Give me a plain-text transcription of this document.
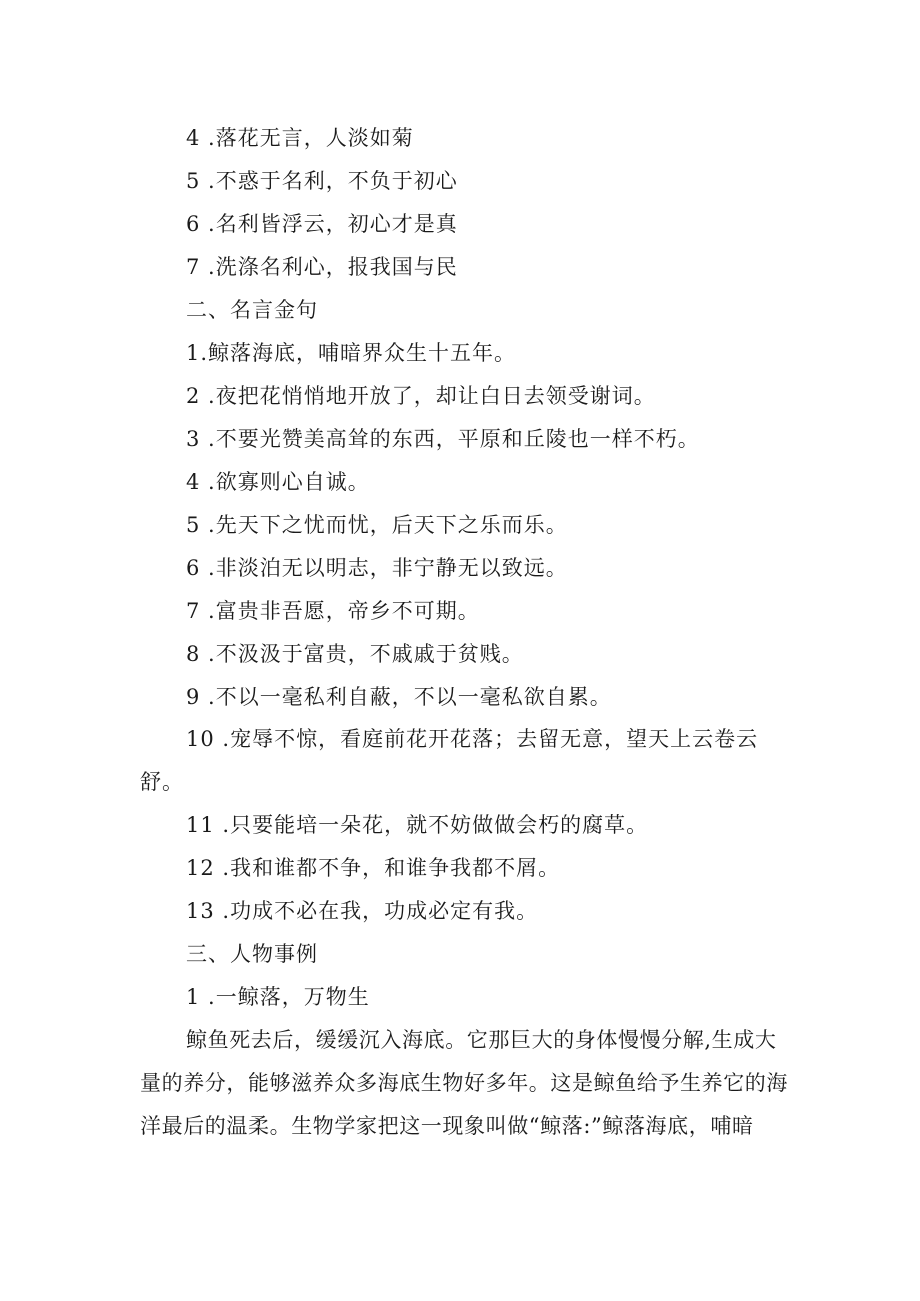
4 .落花无言，人淡如菊
5 .不惑于名利，不负于初心
6 .名利皆浮云，初心才是真
7 .洗涤名利心，报我国与民
二、名言金句
1.鲸落海底，哺暗界众生十五年。
2 .夜把花悄悄地开放了，却让白日去领受谢词。
3 .不要光赞美高耸的东西，平原和丘陵也一样不朽。
4 .欲寡则心自诚。
5 .先天下之忧而忧，后天下之乐而乐。
6 .非淡泊无以明志，非宁静无以致远。
7 .富贵非吾愿，帝乡不可期。
8 .不汲汲于富贵，不戚戚于贫贱。
9 .不以一毫私利自蔽，不以一毫私欲自累。
10 .宠辱不惊，看庭前花开花落；去留无意，望天上云卷云
舒。
11 .只要能培一朵花，就不妨做做会朽的腐草。
12 .我和谁都不争，和谁争我都不屑。
13 .功成不必在我，功成必定有我。
三、人物事例
1 .一鲸落，万物生
鲸鱼死去后，缓缓沉入海底。它那巨大的身体慢慢分解,生成大
量的养分，能够滋养众多海底生物好多年。这是鲸鱼给予生养它的海
洋最后的温柔。生物学家把这一现象叫做“鲸落:”鲸落海底，哺暗
